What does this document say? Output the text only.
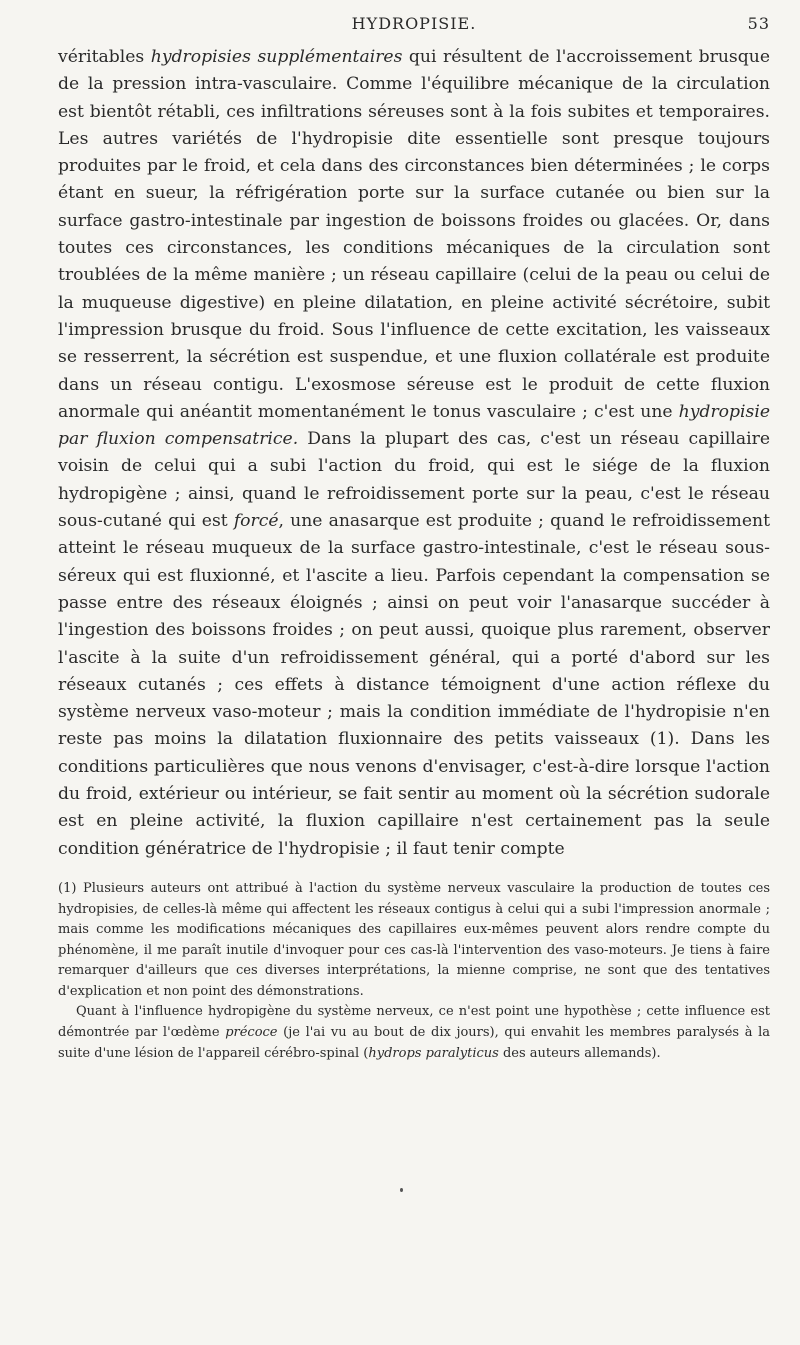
HYDROPISIE.	53

véritables hydropisies supplémentaires qui résultent de l'accroissement brusque de la pression intra-vasculaire. Comme l'équilibre mécanique de la circulation est bientôt rétabli, ces infiltrations séreuses sont à la fois subites et temporaires. Les autres variétés de l'hydropisie dite essentielle sont presque toujours produites par le froid, et cela dans des circonstances bien déterminées ; le corps étant en sueur, la réfrigération porte sur la surface cutanée ou bien sur la surface gastro-intestinale par ingestion de boissons froides ou glacées. Or, dans toutes ces circonstances, les conditions mécaniques de la circulation sont troublées de la même manière ; un réseau capillaire (celui de la peau ou celui de la muqueuse digestive) en pleine dilatation, en pleine activité sécrétoire, subit l'impression brusque du froid. Sous l'influence de cette excitation, les vaisseaux se resserrent, la sécrétion est suspendue, et une fluxion collatérale est produite dans un réseau contigu. L'exosmose séreuse est le produit de cette fluxion anormale qui anéantit momentanément le tonus vasculaire ; c'est une hydropisie par fluxion compensatrice. Dans la plupart des cas, c'est un réseau capillaire voisin de celui qui a subi l'action du froid, qui est le siége de la fluxion hydropigène ; ainsi, quand le refroidissement porte sur la peau, c'est le réseau sous-cutané qui est forcé, une anasarque est produite ; quand le refroidissement atteint le réseau muqueux de la surface gastro-intestinale, c'est le réseau sous-séreux qui est fluxionné, et l'ascite a lieu. Parfois cependant la compensation se passe entre des réseaux éloignés ; ainsi on peut voir l'anasarque succéder à l'ingestion des boissons froides ; on peut aussi, quoique plus rarement, observer l'ascite à la suite d'un refroidissement général, qui a porté d'abord sur les réseaux cutanés ; ces effets à distance témoignent d'une action réflexe du système nerveux vaso-moteur ; mais la condition immédiate de l'hydropisie n'en reste pas moins la dilatation fluxionnaire des petits vaisseaux (1). Dans les conditions particulières que nous venons d'envisager, c'est-à-dire lorsque l'action du froid, extérieur ou intérieur, se fait sentir au moment où la sécrétion sudorale est en pleine activité, la fluxion capillaire n'est certainement pas la seule condition génératrice de l'hydropisie ; il faut tenir compte

(1) Plusieurs auteurs ont attribué à l'action du système nerveux vasculaire la production de toutes ces hydropisies, de celles-là même qui affectent les réseaux contigus à celui qui a subi l'impression anormale ; mais comme les modifications mécaniques des capillaires eux-mêmes peuvent alors rendre compte du phénomène, il me paraît inutile d'invoquer pour ces cas-là l'intervention des vaso-moteurs. Je tiens à faire remarquer d'ailleurs que ces diverses interprétations, la mienne comprise, ne sont que des tentatives d'explication et non point des démonstrations.

Quant à l'influence hydropigène du système nerveux, ce n'est point une hypothèse ; cette influence est démontrée par l'œdème précoce (je l'ai vu au bout de dix jours), qui envahit les membres paralysés à la suite d'une lésion de l'appareil cérébro-spinal (hydrops paralyticus des auteurs allemands).
